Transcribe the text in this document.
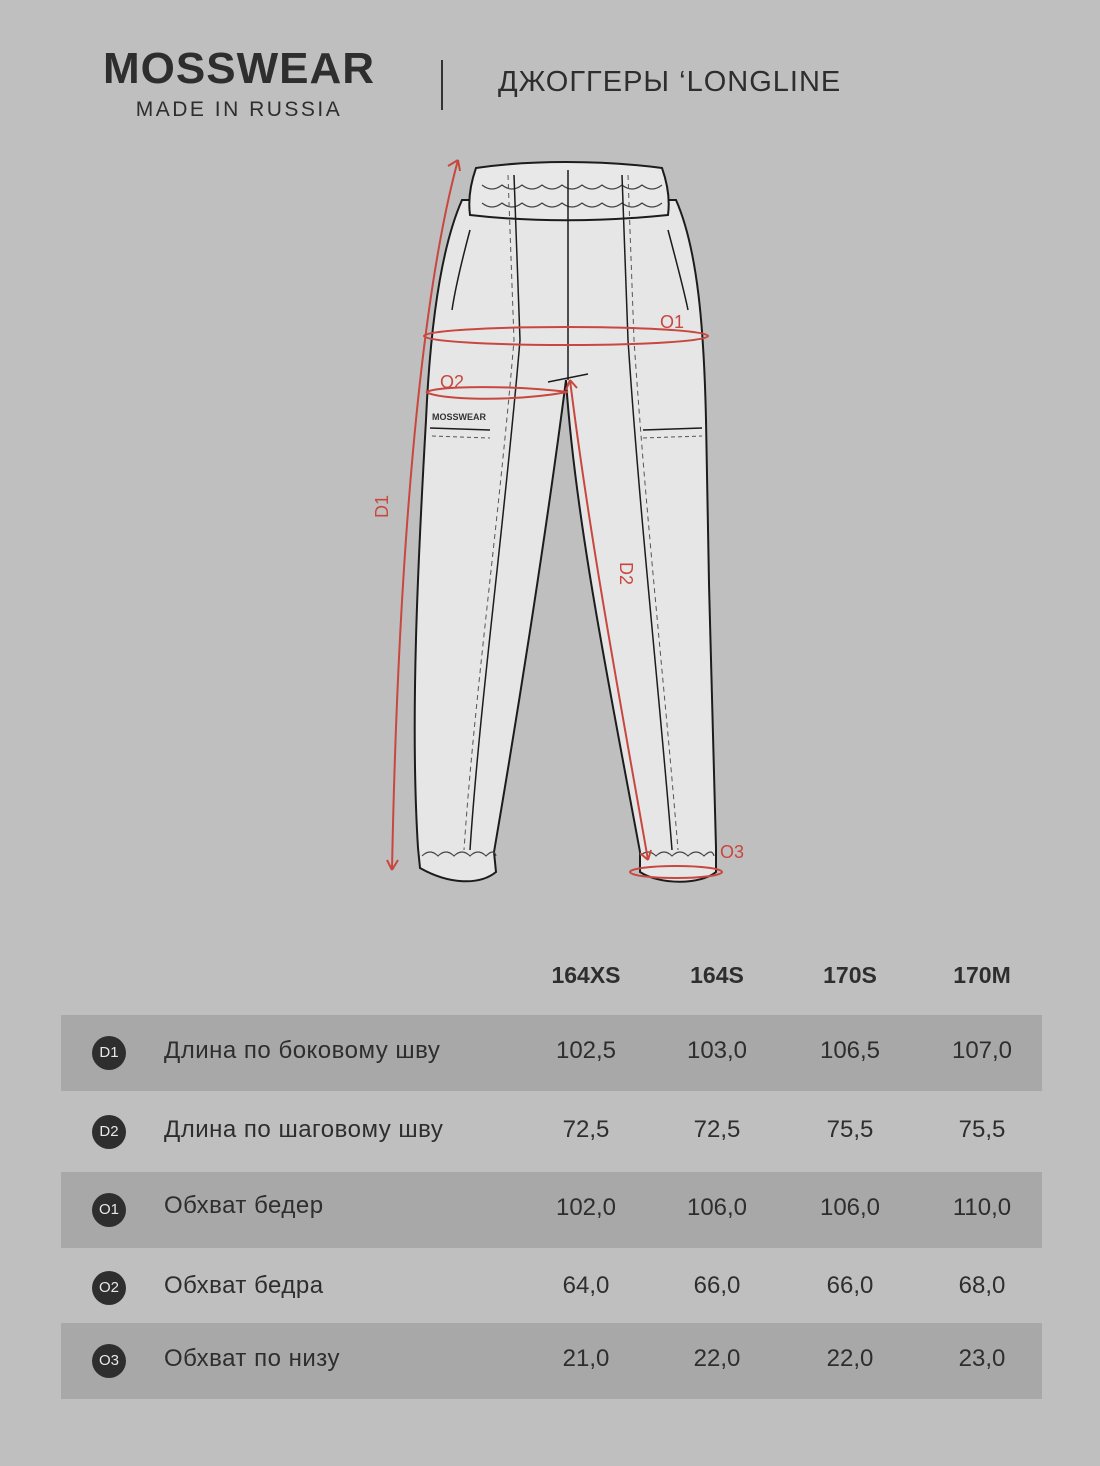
MOSSWEAR
MADE IN RUSSIA
ДЖОГГЕРЫ ‘LONGLINE
MOSSWEAR
O1
O2
O3
D1
D2
164XS	164S	170S	170M
D1	Длина по боковому шву	102,5	103,0	106,5	107,0
D2	Длина по шаговому шву	72,5	72,5	75,5	75,5
O1 Обхват бедер	102,0	106,0	106,0	110,0
O2 Обхват бедра	64,0	66,0	66,0	68,0
O3 Обхват по низу	21,0	22,0	22,0	23,0
